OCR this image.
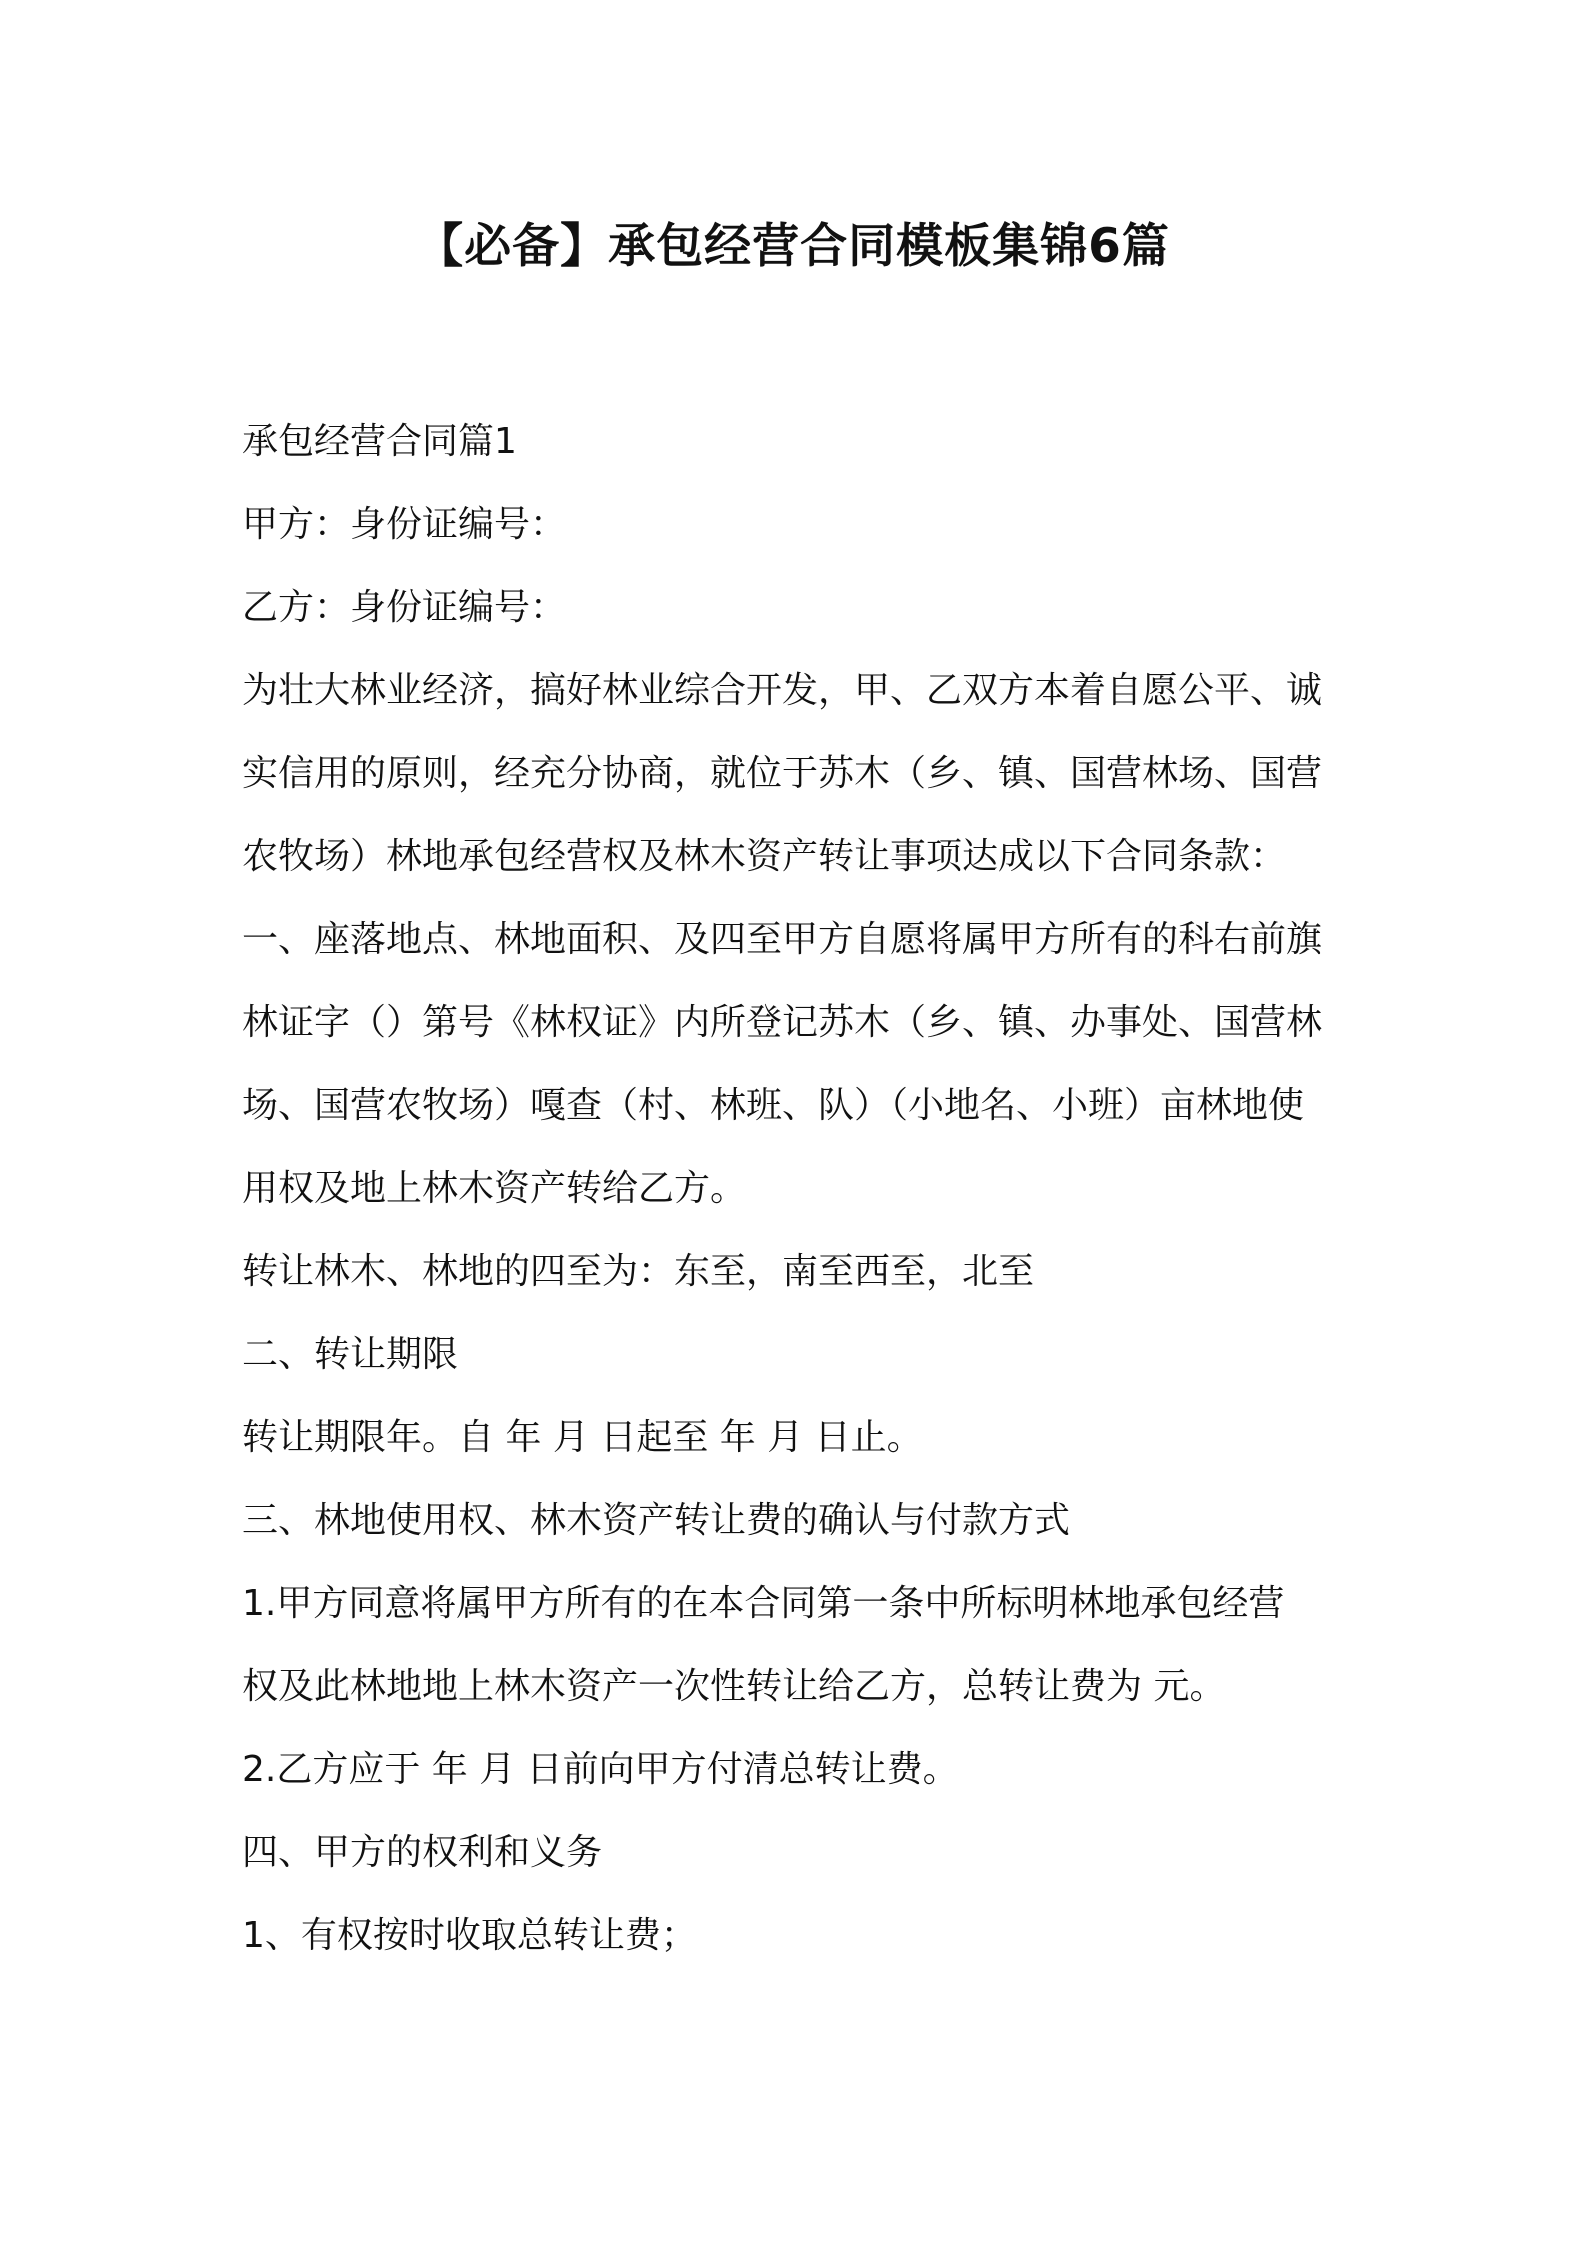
【必备】承包经营合同模板集锦6篇

承包经营合同篇1

甲方：身份证编号：

乙方：身份证编号：

为壮大林业经济，搞好林业综合开发，甲、乙双方本着自愿公平、诚

实信用的原则，经充分协商，就位于苏木（乡、镇、国营林场、国营

农牧场）林地承包经营权及林木资产转让事项达成以下合同条款：

一、座落地点、林地面积、及四至甲方自愿将属甲方所有的科右前旗

林证字（）第号《林权证》内所登记苏木（乡、镇、办事处、国营林

场、国营农牧场）嘎查（村、林班、队）（小地名、小班）亩林地使

用权及地上林木资产转给乙方。

转让林木、林地的四至为：东至，南至西至，北至

二、转让期限

转让期限年。自 年 月 日起至 年 月 日止。

三、林地使用权、林木资产转让费的确认与付款方式

1.甲方同意将属甲方所有的在本合同第一条中所标明林地承包经营

权及此林地地上林木资产一次性转让给乙方，总转让费为 元。

2.乙方应于 年 月 日前向甲方付清总转让费。

四、甲方的权利和义务

1、有权按时收取总转让费；
